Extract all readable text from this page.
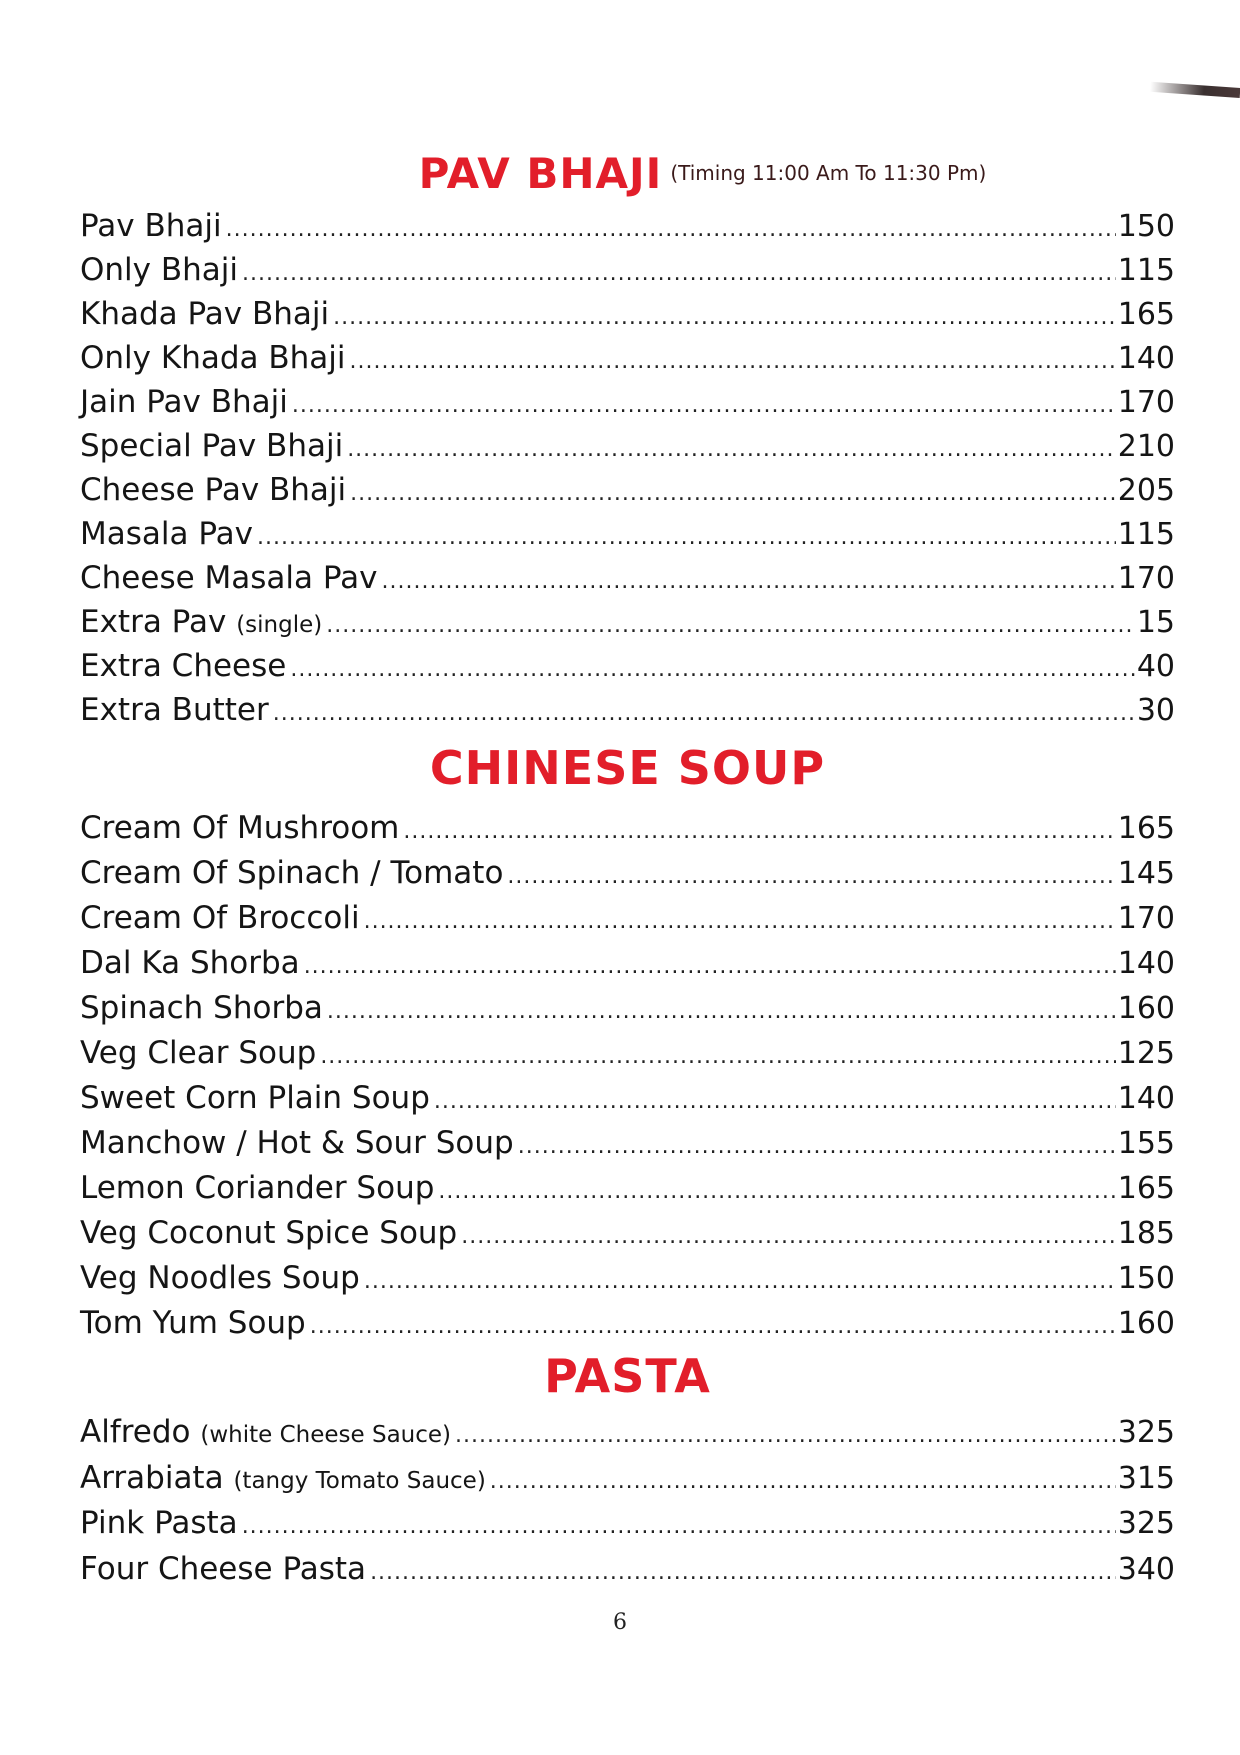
PAV BHAJI (Timing 11:00 Am To 11:30 Pm)
Pav Bhaji .....	150
Only Bhaji .....	115
Khada Pav Bhaji .....	165
Only Khada Bhaji .....	140
Jain Pav Bhaji .....	170
Special Pav Bhaji .....	210
Cheese Pav Bhaji .....	205
Masala Pav .....	115
Cheese Masala Pav .....	170
Extra Pav (single) .....	15
Extra Cheese .....	40
Extra Butter .....	30
CHINESE SOUP
Cream Of Mushroom .....	165
Cream Of Spinach / Tomato .....	145
Cream Of Broccoli .....	170
Dal Ka Shorba .....	140
Spinach Shorba .....	160
Veg Clear Soup .....	125
Sweet Corn Plain Soup .....	140
Manchow / Hot & Sour Soup .....	155
Lemon Coriander Soup .....	165
Veg Coconut Spice Soup .....	185
Veg Noodles Soup .....	150
Tom Yum Soup .....	160
PASTA
Alfredo (white Cheese Sauce) .....	325
Arrabiata (tangy Tomato Sauce) .....	315
Pink Pasta .....	325
Four Cheese Pasta .....	340
6
